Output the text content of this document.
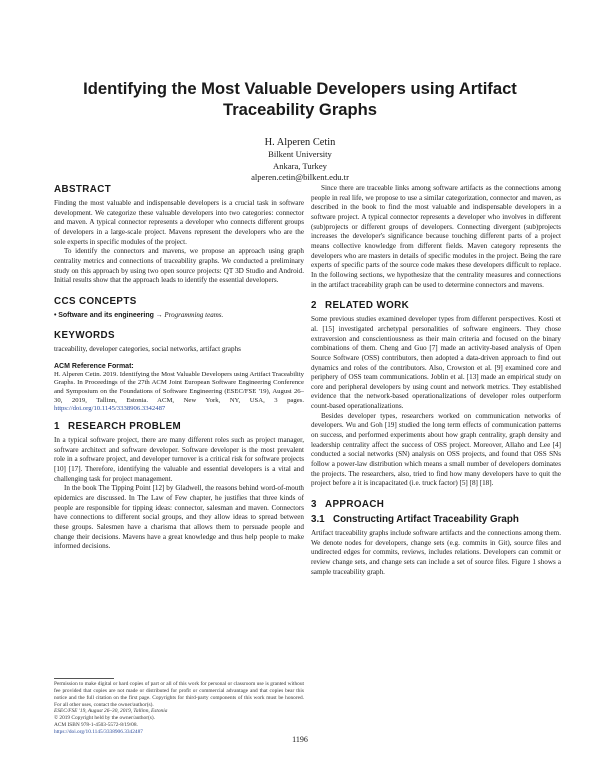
Identifying the Most Valuable Developers using Artifact
Traceability Graphs
H. Alperen Cetin
Bilkent University
Ankara, Turkey
alperen.cetin@bilkent.edu.tr
ABSTRACT

Finding the most valuable and indispensable developers is a crucial task in software development. We categorize these valuable developers into two categories: connector and maven. A typical connector represents a developer who connects different groups of developers in a large-scale project. Mavens represent the developers who are the sole experts in specific modules of the project.

To identify the connectors and mavens, we propose an approach using graph centrality metrics and connections of traceability graphs. We conducted a preliminary study on this approach by using two open source projects: QT 3D Studio and Android. Initial results show that the approach leads to identify the essential developers.

CCS CONCEPTS
• Software and its engineering → Programming teams.
KEYWORDS

traceability, developer categories, social networks, artifact graphs

ACM Reference Format:
H. Alperen Cetin. 2019. Identifying the Most Valuable Developers using Artifact Traceability Graphs. In Proceedings of the 27th ACM Joint European Software Engineering Conference and Symposium on the Foundations of Software Engineering (ESEC/FSE '19), August 26–30, 2019, Tallinn, Estonia. ACM, New York, NY, USA, 3 pages. https://doi.org/10.1145/3338906.3342487
1 RESEARCH PROBLEM

In a typical software project, there are many different roles such as project manager, software architect and software developer. Software developer is the most prevalent role in a software project, and developer turnover is a critical risk for software projects [10] [17]. Therefore, identifying the valuable and essential developers is a vital and challenging task for project management.

In the book The Tipping Point [12] by Gladwell, the reasons behind word-of-mouth epidemics are discussed. In The Law of Few chapter, he justifies that three kinds of people are responsible for tipping ideas: connector, salesman and maven. Connectors have connections to different social groups, and they allow ideas to spread between these groups. Salesmen have a charisma that allows them to persuade people and change their decisions. Mavens have a great knowledge and thus help people to make informed decisions.

Permission to make digital or hard copies of part or all of this work for personal or classroom use is granted without fee provided that copies are not made or distributed for profit or commercial advantage and that copies bear this notice and the full citation on the first page. Copyrights for third-party components of this work must be honored. For all other uses, contact the owner/author(s).
ESEC/FSE '19, August 26–30, 2019, Tallinn, Estonia
© 2019 Copyright held by the owner/author(s).
ACM ISBN 978-1-4503-5572-8/19/08.
https://doi.org/10.1145/3338906.3342487

Since there are traceable links among software artifacts as the connections among people in real life, we propose to use a similar categorization, connector and maven, as described in the book to find the most valuable and indispensable developers in a software project. A typical connector represents a developer who involves in different (sub)projects or different groups of developers. Connecting divergent (sub)projects increases the developer's significance because touching different parts of a project means collective knowledge from different fields. Maven category represents the developers who are masters in details of specific modules in the project. Being the rare experts of specific parts of the source code makes these developers difficult to replace. In the following sections, we hypothesize that the centrality measures and connections in the artifact traceability graph can be used to determine connectors and mavens.

2 RELATED WORK

Some previous studies examined developer types from different perspectives. Kosti et al. [15] investigated archetypal personalities of software engineers. They chose extraversion and conscientiousness as their main criteria and focused on the binary combinations of them. Cheng and Guo [7] made an activity-based analysis of Open Source Software (OSS) contributors, then adopted a data-driven approach to find out dynamics and roles of the contributors. Also, Crowston et al. [9] examined core and periphery of OSS team communications. Joblin et al. [13] made an empirical study on core and peripheral developers by using count and network metrics. They established evidence that the network-based operationalizations of developer roles outperform count-based operationalizations.

Besides developer types, researchers worked on communication networks of developers. Wu and Goh [19] studied the long term effects of communication patterns on success, and performed experiments about how graph centrality, graph density and leadership centrality affect the success of OSS project. Moreover, Allaho and Lee [4] conducted a social networks (SN) analysis on OSS projects, and found that OSS SNs follow a power-law distribution which means a small number of developers dominates the projects. The researchers, also, tried to find how many developers have to quit the project before a it is incapacitated (i.e. truck factor) [5] [8] [18].

3 APPROACH
3.1 Constructing Artifact Traceability Graph

Artifact traceability graphs include software artifacts and the connections among them. We denote nodes for developers, change sets (e.g. commits in Git), source files and undirected edges for commits, reviews, includes relations. Developers can commit or review change sets, and change sets can include a set of source files. Figure 1 shows a sample traceability graph.

1196
